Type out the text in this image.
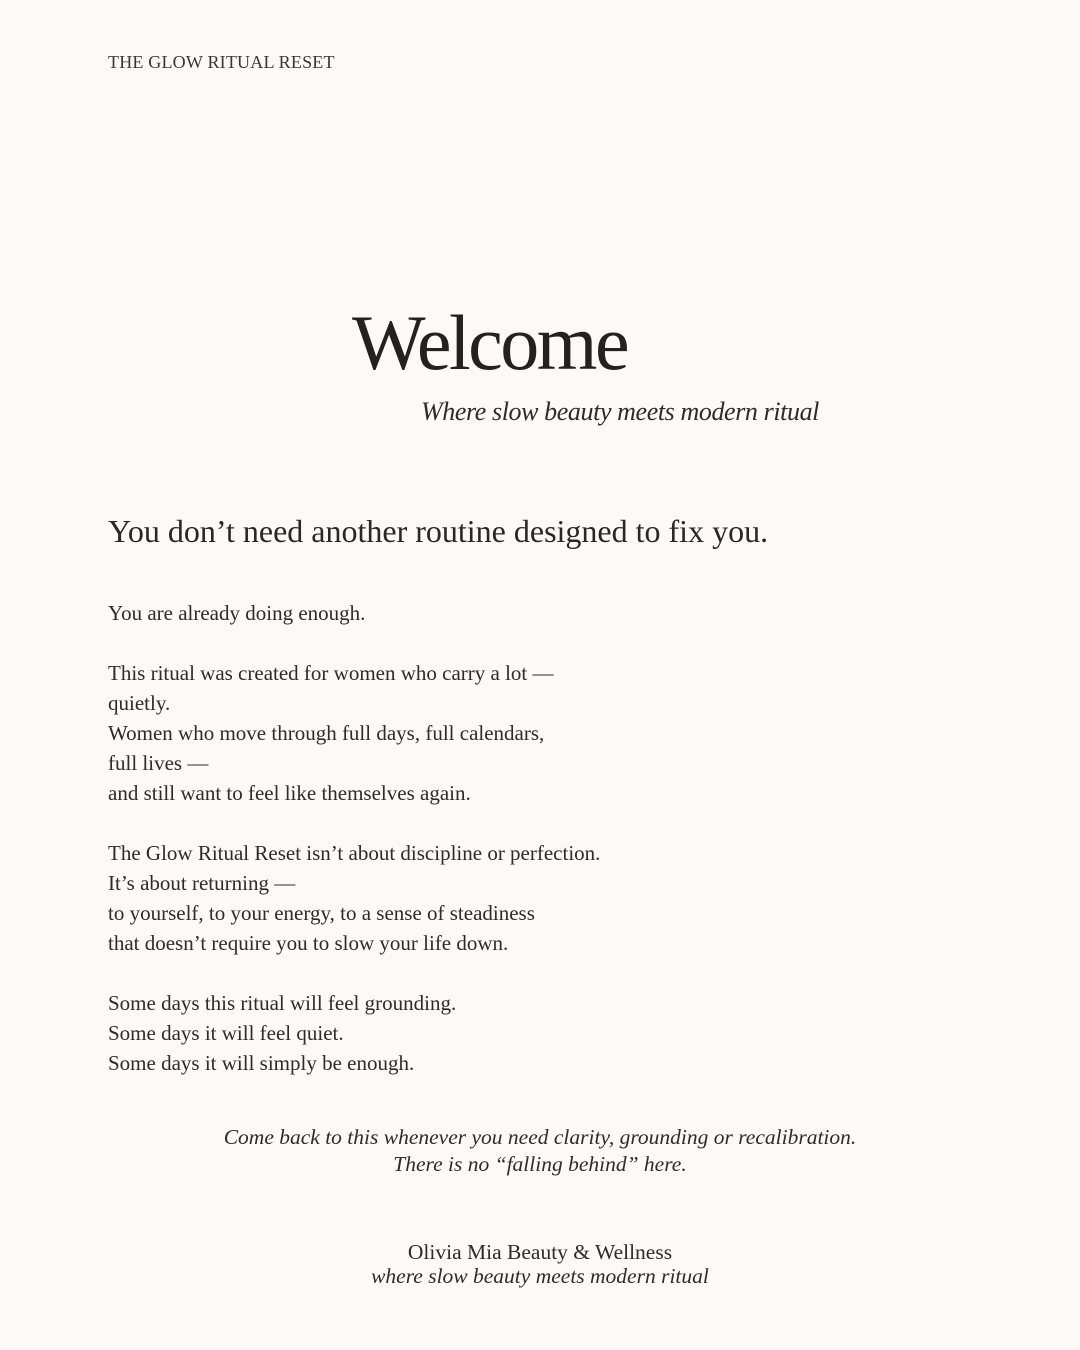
THE GLOW RITUAL RESET
Welcome
Where slow beauty meets modern ritual
You don’t need another routine designed to fix you.

You are already doing enough.

This ritual was created for women who carry a lot —
quietly.
Women who move through full days, full calendars,
full lives —
and still want to feel like themselves again.

The Glow Ritual Reset isn’t about discipline or perfection.
It’s about returning —
to yourself, to your energy, to a sense of steadiness
that doesn’t require you to slow your life down.

Some days this ritual will feel grounding.
Some days it will feel quiet.
Some days it will simply be enough.

Come back to this whenever you need clarity, grounding or recalibration.
There is no “falling behind” here.
Olivia Mia Beauty & Wellness
where slow beauty meets modern ritual
